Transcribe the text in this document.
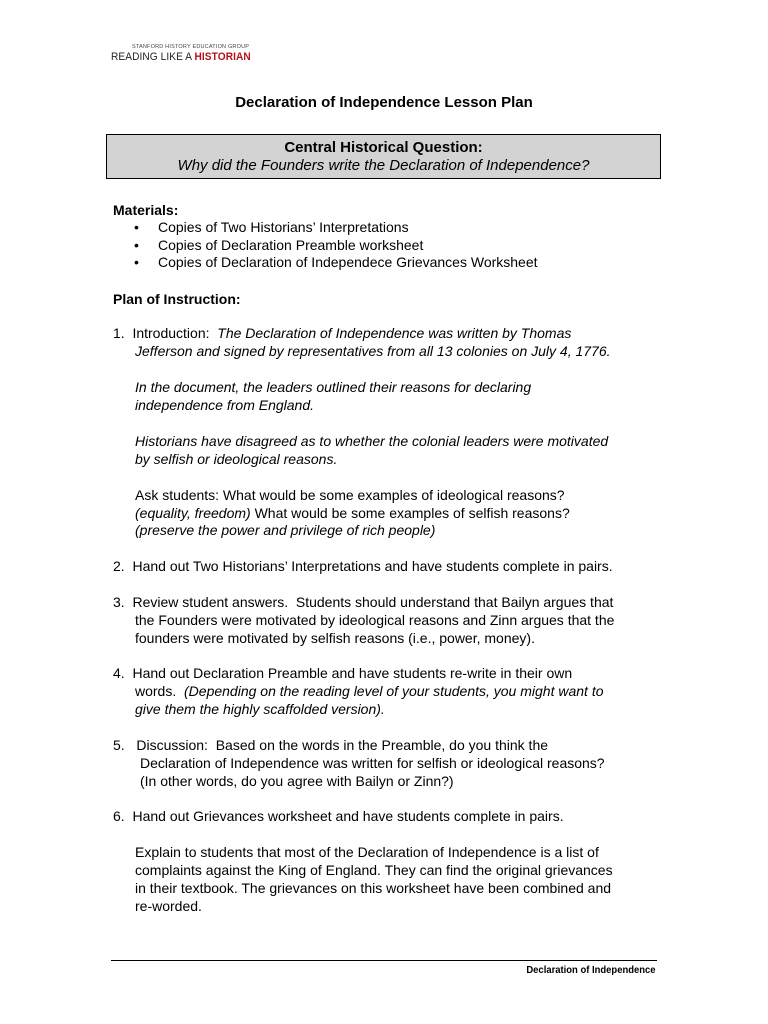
STANFORD HISTORY EDUCATION GROUP
READING LIKE A HISTORIAN
Declaration of Independence Lesson Plan
Central Historical Question:
Why did the Founders write the Declaration of Independence?
Materials:
•	Copies of Two Historians’ Interpretations
•	Copies of Declaration Preamble worksheet
•	Copies of Declaration of Independece Grievances Worksheet
Plan of Instruction:
1.  Introduction:  The Declaration of Independence was written by Thomas
Jefferson and signed by representatives from all 13 colonies on July 4, 1776.
In the document, the leaders outlined their reasons for declaring
independence from England.
Historians have disagreed as to whether the colonial leaders were motivated
by selfish or ideological reasons.
Ask students: What would be some examples of ideological reasons?
(equality, freedom) What would be some examples of selfish reasons?
(preserve the power and privilege of rich people)
2.  Hand out Two Historians’ Interpretations and have students complete in pairs.
3.  Review student answers.  Students should understand that Bailyn argues that
the Founders were motivated by ideological reasons and Zinn argues that the
founders were motivated by selfish reasons (i.e., power, money).
4.  Hand out Declaration Preamble and have students re-write in their own
words.  (Depending on the reading level of your students, you might want to
give them the highly scaffolded version).
5.   Discussion:  Based on the words in the Preamble, do you think the
Declaration of Independence was written for selfish or ideological reasons?
(In other words, do you agree with Bailyn or Zinn?)
6.  Hand out Grievances worksheet and have students complete in pairs.
Explain to students that most of the Declaration of Independence is a list of
complaints against the King of England. They can find the original grievances
in their textbook. The grievances on this worksheet have been combined and
re-worded.
Declaration of Independence
